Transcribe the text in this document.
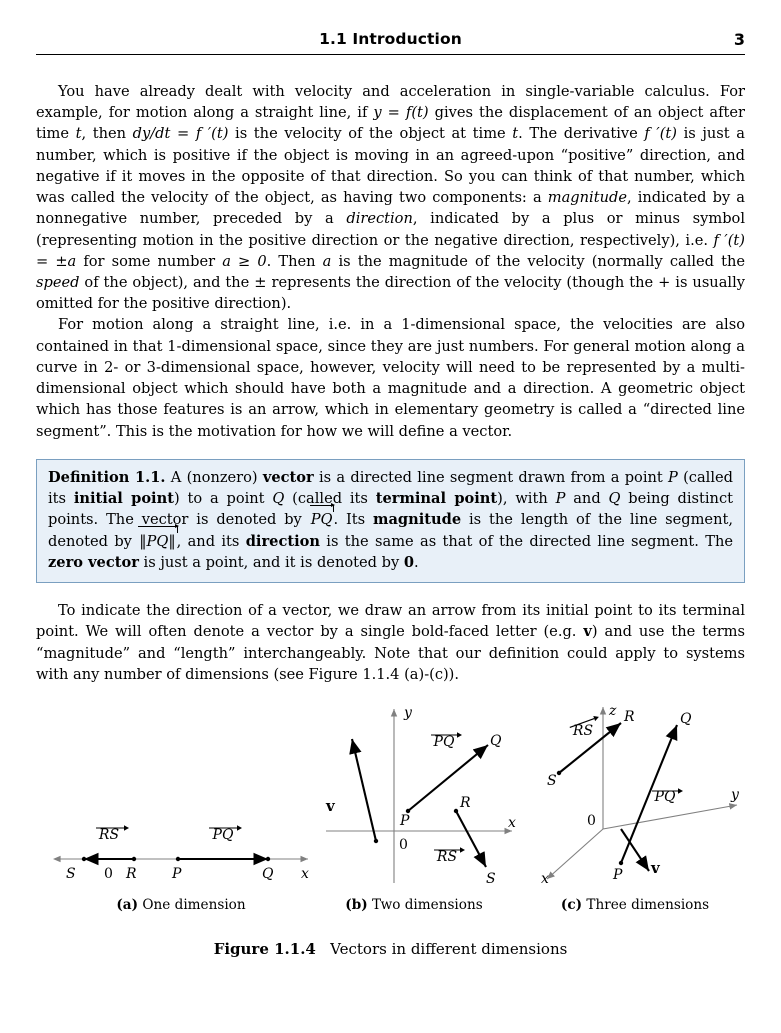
1.1 Introduction	3

You have already dealt with velocity and acceleration in single-variable calculus. For example, for motion along a straight line, if y = f(t) gives the displacement of an object after time t, then dy/dt = f ′(t) is the velocity of the object at time t. The derivative f ′(t) is just a number, which is positive if the object is moving in an agreed-upon “positive” direction, and negative if it moves in the opposite of that direction. So you can think of that number, which was called the velocity of the object, as having two components: a magnitude, indicated by a nonnegative number, preceded by a direction, indicated by a plus or minus symbol (representing motion in the positive direction or the negative direction, respectively), i.e. f ′(t) = ±a for some number a ≥ 0. Then a is the magnitude of the velocity (normally called the speed of the object), and the ± represents the direction of the velocity (though the + is usually omitted for the positive direction).

For motion along a straight line, i.e. in a 1-dimensional space, the velocities are also contained in that 1-dimensional space, since they are just numbers. For general motion along a curve in 2- or 3-dimensional space, however, velocity will need to be represented by a multi-dimensional object which should have both a magnitude and a direction. A geometric object which has those features is an arrow, which in elementary geometry is called a “directed line segment”. This is the motivation for how we will define a vector.

Definition 1.1. A (nonzero) vector is a directed line segment drawn from a point P (called its initial point) to a point Q (called its terminal point), with P and Q being distinct points. The vector is denoted by PQ
. Its magnitude is the length of the line segment, denoted by ‖PQ‖
, and its direction is the same as that of the directed line segment. The zero vector is just a point, and it is denoted by 0.

To indicate the direction of a vector, we draw an arrow from its initial point to its terminal point. We will often denote a vector by a single bold-faced letter (e.g. v) and use the terms “magnitude” and “length” interchangeably. Note that our definition could apply to systems with any number of dimensions (see Figure 1.1.4 (a)-(c)).

RS	PQ
S 0 R	P	Q x
(a) One dimension
y
x
0
P
Q
PQ
R
S
RS
v
(b) Two dimensions
z
y
x
0
S
R
RS
P
Q
PQ
v
(c) Three dimensions
Figure 1.1.4 Vectors in different dimensions
